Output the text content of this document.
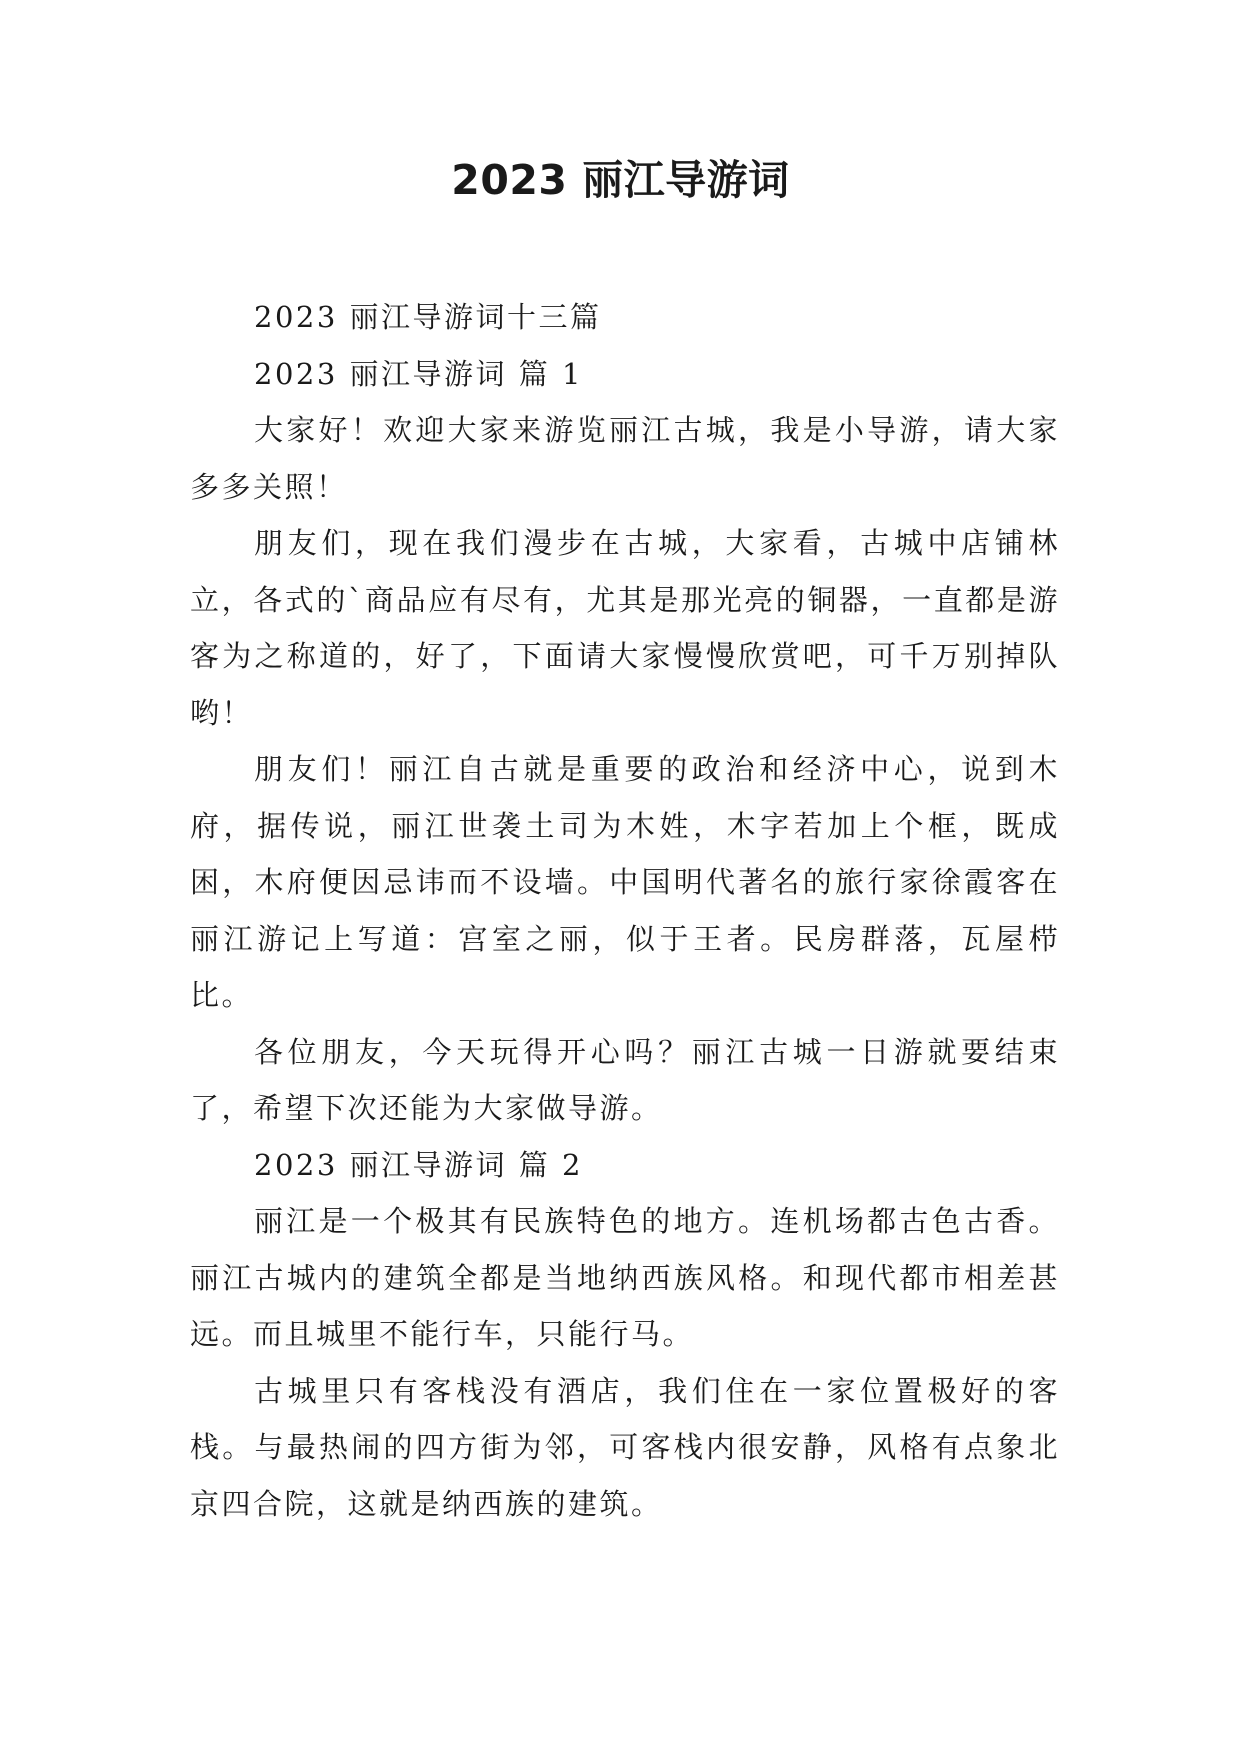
2023 丽江导游词

2023 丽江导游词十三篇

2023 丽江导游词 篇 1

大家好！欢迎大家来游览丽江古城，我是小导游，请大家多多关照！

朋友们，现在我们漫步在古城，大家看，古城中店铺林立，各式的`商品应有尽有，尤其是那光亮的铜器，一直都是游客为之称道的，好了，下面请大家慢慢欣赏吧，可千万别掉队哟！

朋友们！丽江自古就是重要的政治和经济中心，说到木府，据传说，丽江世袭土司为木姓，木字若加上个框，既成困，木府便因忌讳而不设墙。中国明代著名的旅行家徐霞客在丽江游记上写道：宫室之丽，似于王者。民房群落，瓦屋栉比。

各位朋友，今天玩得开心吗？丽江古城一日游就要结束了，希望下次还能为大家做导游。

2023 丽江导游词 篇 2

丽江是一个极其有民族特色的地方。连机场都古色古香。丽江古城内的建筑全都是当地纳西族风格。和现代都市相差甚远。而且城里不能行车，只能行马。

古城里只有客栈没有酒店，我们住在一家位置极好的客栈。与最热闹的四方街为邻，可客栈内很安静，风格有点象北京四合院，这就是纳西族的建筑。
